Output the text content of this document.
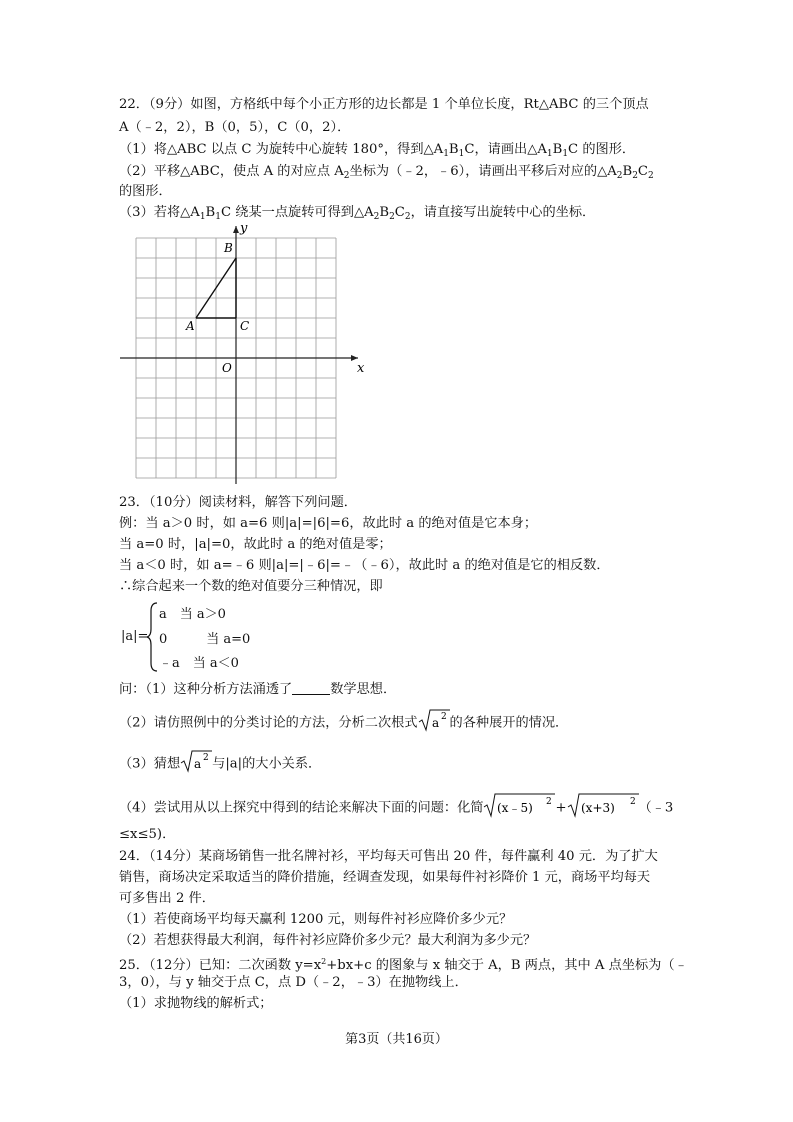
22．（9分）如图，方格纸中每个小正方形的边长都是 1 个单位长度，Rt△ABC 的三个顶点
A（﹣2，2），B（0，5），C（0，2）．
（1）将△ABC 以点 C 为旋转中心旋转 180°，得到$\triangle A_1B_1C$，请画出$\triangle A_1B_1C$ 的图形．
（2）平移△ABC，使点 A 的对应点 $A_2$坐标为（﹣2，﹣6），请画出平移后对应的$\triangle A_2B_2C_2$
的图形．
（3）若将$\triangle A_1B_1C$ 绕某一点旋转可得到$\triangle A_2B_2C_2$，请直接写出旋转中心的坐标．
x
y
O
A
B
C
23．（10分）阅读材料，解答下列问题．
例：当 a＞0 时，如 a=6 则|a|=|6|=6，故此时 a 的绝对值是它本身；
当 a=0 时，|a|=0，故此时 a 的绝对值是零；
当 a＜0 时，如 a=﹣6 则|a|=|﹣6|=﹣（﹣6），故此时 a 的绝对值是它的相反数．
∴综合起来一个数的绝对值要分三种情况，即
|a|=
a　当 a＞0
0　　　当 a=0
﹣a　当 a＜0
问：（1）这种分析方法涌透了	数学思想．
（2）请仿照例中的分类讨论的方法，分析二次根式 a 2 的各种展开的情况．
（3）猜想 a 2 与|a|的大小关系．
（4）尝试用从以上探究中得到的结论来解决下面的问题：化简 (x﹣5) 2 + (x+3) 2 （﹣3
≤x≤5)．
24．（14分）某商场销售一批名牌衬衫，平均每天可售出 20 件，每件赢利 40 元．为了扩大
销售，商场决定采取适当的降价措施，经调查发现，如果每件衬衫降价 1 元，商场平均每天
可多售出 2 件．
（1）若使商场平均每天赢利 1200 元，则每件衬衫应降价多少元？
（2）若想获得最大利润，每件衬衫应降价多少元？最大利润为多少元？
25．（12分）已知：二次函数 $y=x^2+bx+c$ 的图象与 x 轴交于 A，B 两点，其中 A 点坐标为（﹣
3，0），与 y 轴交于点 C，点 D（﹣2，﹣3）在抛物线上．
（1）求抛物线的解析式；
第3页（共16页）
